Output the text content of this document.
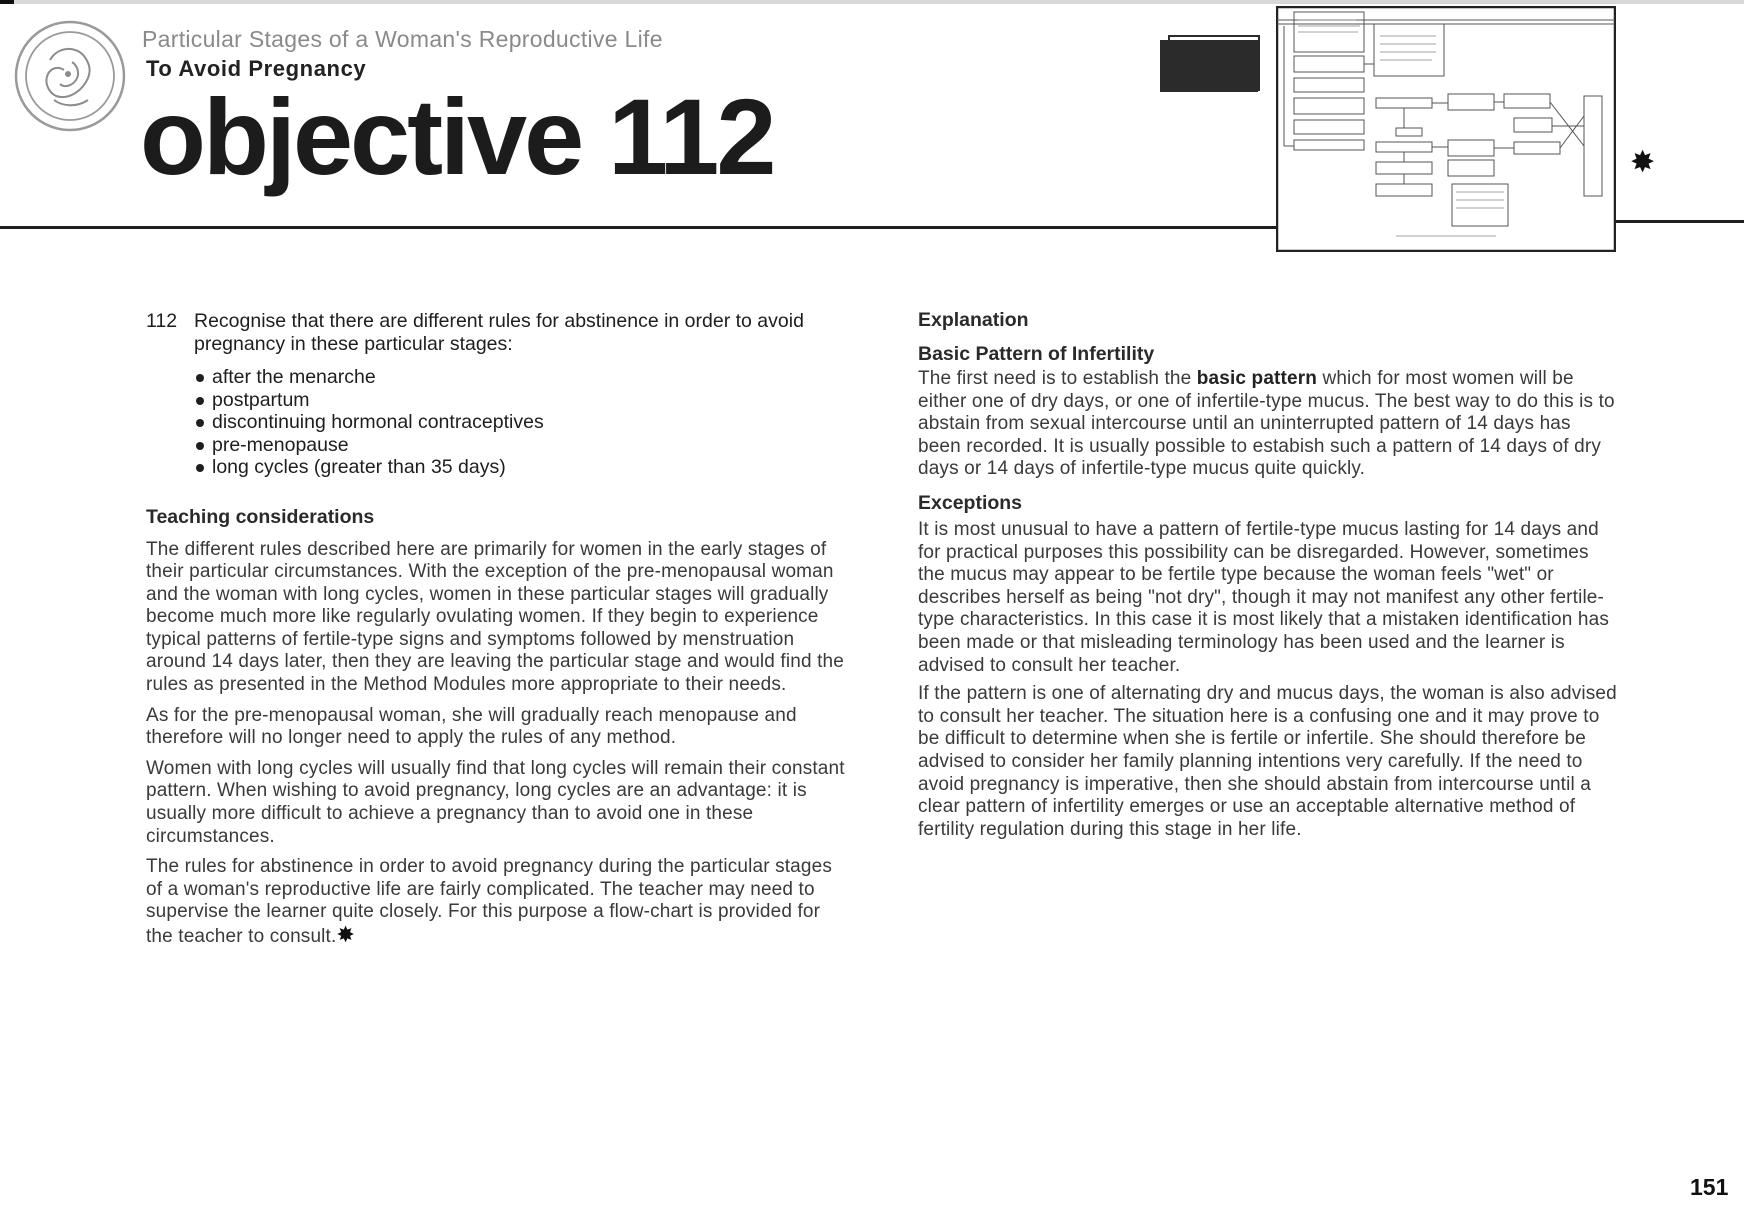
Particular Stages of a Woman's Reproductive Life
To Avoid Pregnancy
objective 112	✸

112 Recognise that there are different rules for abstinence in order to avoid pregnancy in these particular stages:

after the menarche
postpartum
discontinuing hormonal contraceptives
pre-menopause
long cycles (greater than 35 days)
Teaching considerations

The different rules described here are primarily for women in the early stages of their particular circumstances. With the exception of the pre-menopausal woman and the woman with long cycles, women in these particular stages will gradually become much more like regularly ovulating women. If they begin to experience typical patterns of fertile-type signs and symptoms followed by menstruation around 14 days later, then they are leaving the particular stage and would find the rules as presented in the Method Modules more appropriate to their needs.

As for the pre-menopausal woman, she will gradually reach menopause and therefore will no longer need to apply the rules of any method.

Women with long cycles will usually find that long cycles will remain their constant pattern. When wishing to avoid pregnancy, long cycles are an advantage: it is usually more difficult to achieve a pregnancy than to avoid one in these circumstances.

The rules for abstinence in order to avoid pregnancy during the particular stages of a woman's reproductive life are fairly complicated. The teacher may need to supervise the learner quite closely. For this purpose a flow-chart is provided for the teacher to consult.✸

Explanation
Basic Pattern of Infertility

The first need is to establish the basic pattern which for most women will be either one of dry days, or one of infertile-type mucus. The best way to do this is to abstain from sexual intercourse until an uninterrupted pattern of 14 days has been recorded. It is usually possible to estabish such a pattern of 14 days of dry days or 14 days of infertile-type mucus quite quickly.

Exceptions

It is most unusual to have a pattern of fertile-type mucus lasting for 14 days and for practical purposes this possibility can be disregarded. However, sometimes the mucus may appear to be fertile type because the woman feels "wet" or describes herself as being "not dry", though it may not manifest any other fertile-type characteristics. In this case it is most likely that a mistaken identification has been made or that misleading terminology has been used and the learner is advised to consult her teacher.

If the pattern is one of alternating dry and mucus days, the woman is also advised to consult her teacher. The situation here is a confusing one and it may prove to be difficult to determine when she is fertile or infertile. She should therefore be advised to consider her family planning intentions very carefully. If the need to avoid pregnancy is imperative, then she should abstain from intercourse until a clear pattern of infertility emerges or use an acceptable alternative method of fertility regulation during this stage in her life.

151
